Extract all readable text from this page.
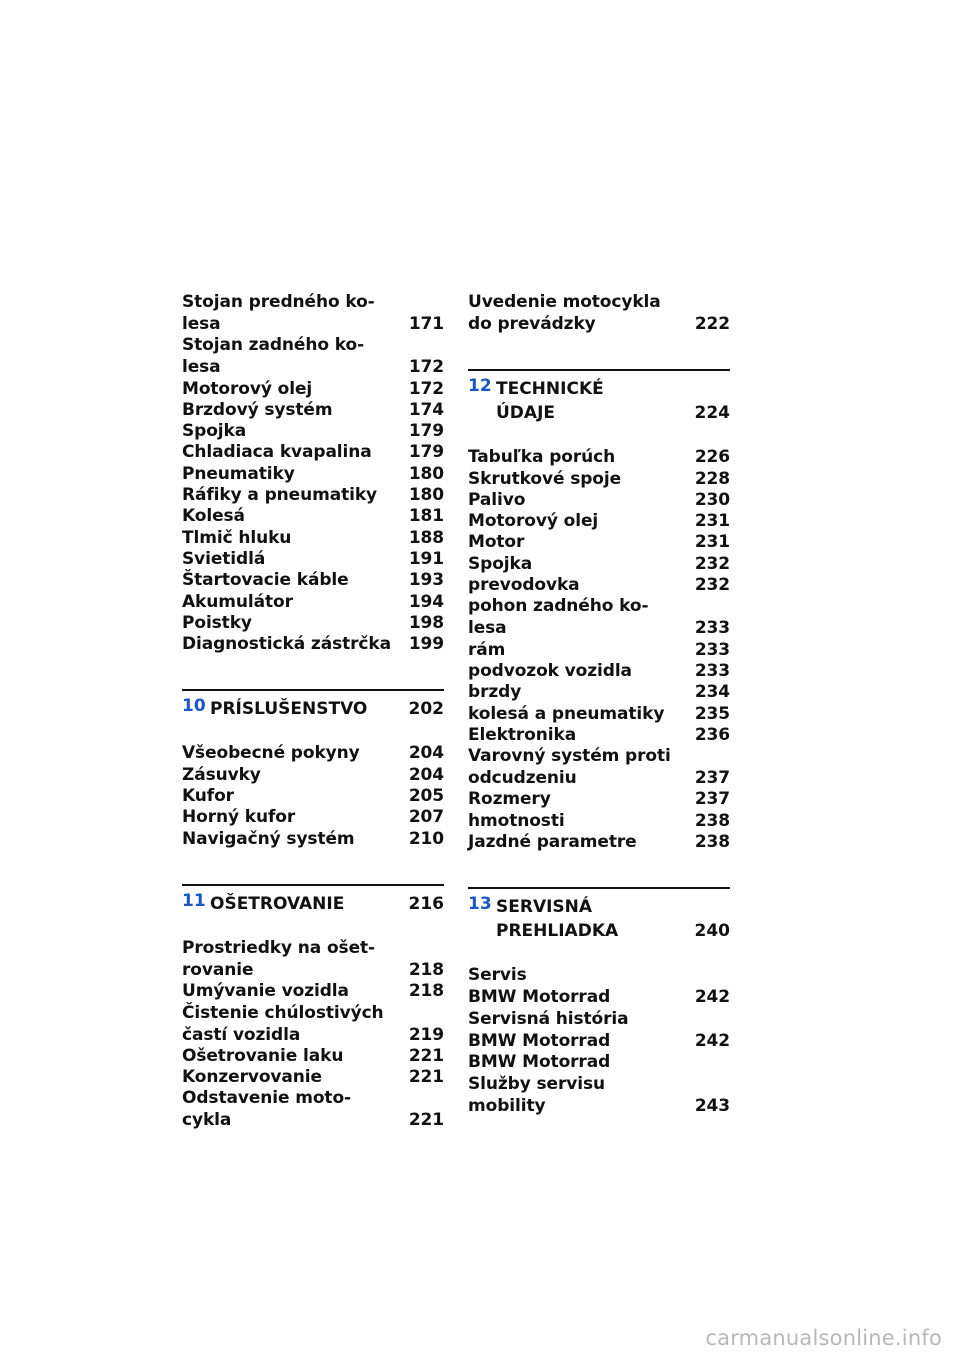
Stojan predného ko-
lesa	171
Stojan zadného ko-
lesa	172
Motorový olej	172
Brzdový systém	174
Spojka	179
Chladiaca kvapalina 179
Pneumatiky	180
Ráfiky a pneumatiky 180
Kolesá	181
Tlmič hluku	188
Svietidlá	191
Štartovacie káble	193
Akumulátor	194
Poistky	198
Diagnostická zástrčka 199
10 PRÍSLUŠENSTVO 202
Všeobecné pokyny	204
Zásuvky	204
Kufor	205
Horný kufor	207
Navigačný systém	210
11 OŠETROVANIE	216
Prostriedky na ošet-
rovanie	218
Umývanie vozidla	218
Čistenie chúlostivých
častí vozidla	219
Ošetrovanie laku	221
Konzervovanie	221
Odstavenie moto-
cykla	221
Uvedenie motocykla
do prevádzky	222
12 TECHNICKÉ
ÚDAJE	224
Tabuľka porúch	226
Skrutkové spoje	228
Palivo	230
Motorový olej	231
Motor	231
Spojka	232
prevodovka	232
pohon zadného ko-
lesa	233
rám	233
podvozok vozidla	233
brzdy	234
kolesá a pneumatiky 235
Elektronika	236
Varovný systém proti
odcudzeniu	237
Rozmery	237
hmotnosti	238
Jazdné parametre	238
13 SERVISNÁ
PREHLIADKA	240
Servis
BMW Motorrad	242
Servisná história
BMW Motorrad	242
BMW Motorrad
Služby servisu
mobility	243
carmanualsonline.info
